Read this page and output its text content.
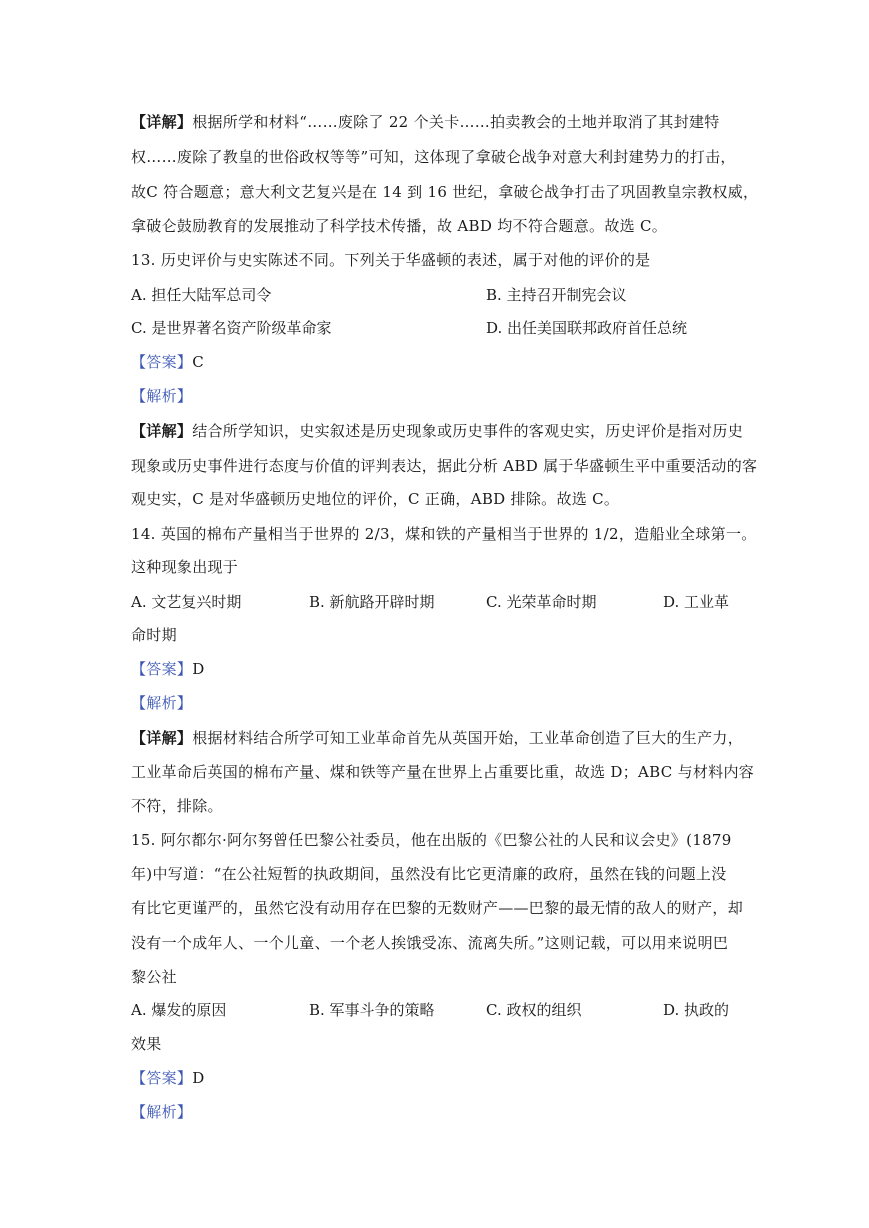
【详解】根据所学和材料“……废除了 22 个关卡……拍卖教会的土地并取消了其封建特
权……废除了教皇的世俗政权等等”可知，这体现了拿破仑战争对意大利封建势力的打击，
故C 符合题意；意大利文艺复兴是在 14 到 16 世纪，拿破仑战争打击了巩固教皇宗教权威，
拿破仑鼓励教育的发展推动了科学技术传播，故 ABD 均不符合题意。故选 C。
13. 历史评价与史实陈述不同。下列关于华盛顿的表述，属于对他的评价的是
A. 担任大陆军总司令	B. 主持召开制宪会议
C. 是世界著名资产阶级革命家	D. 出任美国联邦政府首任总统
【答案】C
【解析】
【详解】结合所学知识，史实叙述是历史现象或历史事件的客观史实，历史评价是指对历史
现象或历史事件进行态度与价值的评判表达，据此分析 ABD 属于华盛顿生平中重要活动的客
观史实，C 是对华盛顿历史地位的评价，C 正确，ABD 排除。故选 C。
14. 英国的棉布产量相当于世界的 2/3，煤和铁的产量相当于世界的 1/2，造船业全球第一。
这种现象出现于
A. 文艺复兴时期	B. 新航路开辟时期	C. 光荣革命时期	D. 工业革
命时期
【答案】D
【解析】
【详解】根据材料结合所学可知工业革命首先从英国开始，工业革命创造了巨大的生产力，
工业革命后英国的棉布产量、煤和铁等产量在世界上占重要比重，故选 D；ABC 与材料内容
不符，排除。
15. 阿尔都尔·阿尔努曾任巴黎公社委员，他在出版的《巴黎公社的人民和议会史》(1879
年)中写道：“在公社短暂的执政期间，虽然没有比它更清廉的政府，虽然在钱的问题上没
有比它更谨严的，虽然它没有动用存在巴黎的无数财产——巴黎的最无情的敌人的财产，却
没有一个成年人、一个儿童、一个老人挨饿受冻、流离失所。”这则记载，可以用来说明巴
黎公社
A. 爆发的原因	B. 军事斗争的策略	C. 政权的组织	D. 执政的
效果
【答案】D
【解析】
